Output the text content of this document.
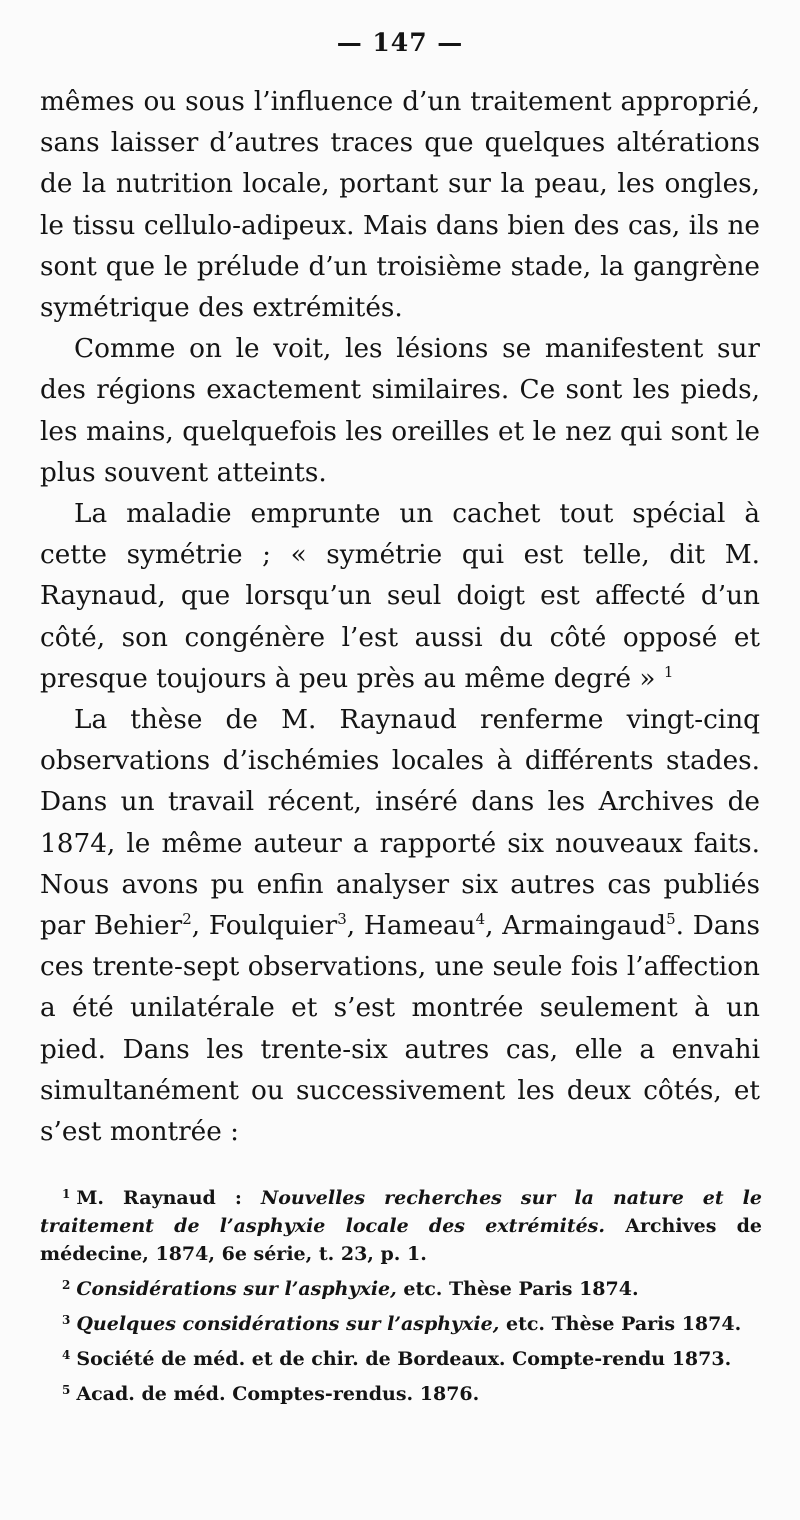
— 147 —

mêmes ou sous l’influence d’un traitement approprié, sans laisser d’autres traces que quelques altérations de la nutrition locale, portant sur la peau, les ongles, le tissu cellulo-adipeux. Mais dans bien des cas, ils ne sont que le prélude d’un troisième stade, la gangrène symétrique des extrémités.

Comme on le voit, les lésions se manifestent sur des régions exactement similaires. Ce sont les pieds, les mains, quelquefois les oreilles et le nez qui sont le plus souvent atteints.

La maladie emprunte un cachet tout spécial à cette symétrie ; « symétrie qui est telle, dit M. Raynaud, que lorsqu’un seul doigt est affecté d’un côté, son congénère l’est aussi du côté opposé et presque toujours à peu près au même degré » $^1$

La thèse de M. Raynaud renferme vingt-cinq observations d’ischémies locales à différents stades. Dans un travail récent, inséré dans les Archives de 1874, le même auteur a rapporté six nouveaux faits. Nous avons pu enfin analyser six autres cas publiés par Behier$^2$, Foulquier$^3$, Hameau$^4$, Armaingaud$^5$. Dans ces trente-sept observations, une seule fois l’affection a été unilatérale et s’est montrée seulement à un pied. Dans les trente-six autres cas, elle a envahi simultanément ou successivement les deux côtés, et s’est montrée :

$^1$ M. Raynaud : Nouvelles recherches sur la nature et le traitement de l’asphyxie locale des extrémités. Archives de médecine, 1874, 6e série, t. 23, p. 1.

$^2$ Considérations sur l’asphyxie, etc. Thèse Paris 1874.

$^3$ Quelques considérations sur l’asphyxie, etc. Thèse Paris 1874.

$^4$ Société de méd. et de chir. de Bordeaux. Compte-rendu 1873.

$^5$ Acad. de méd. Comptes-rendus. 1876.
